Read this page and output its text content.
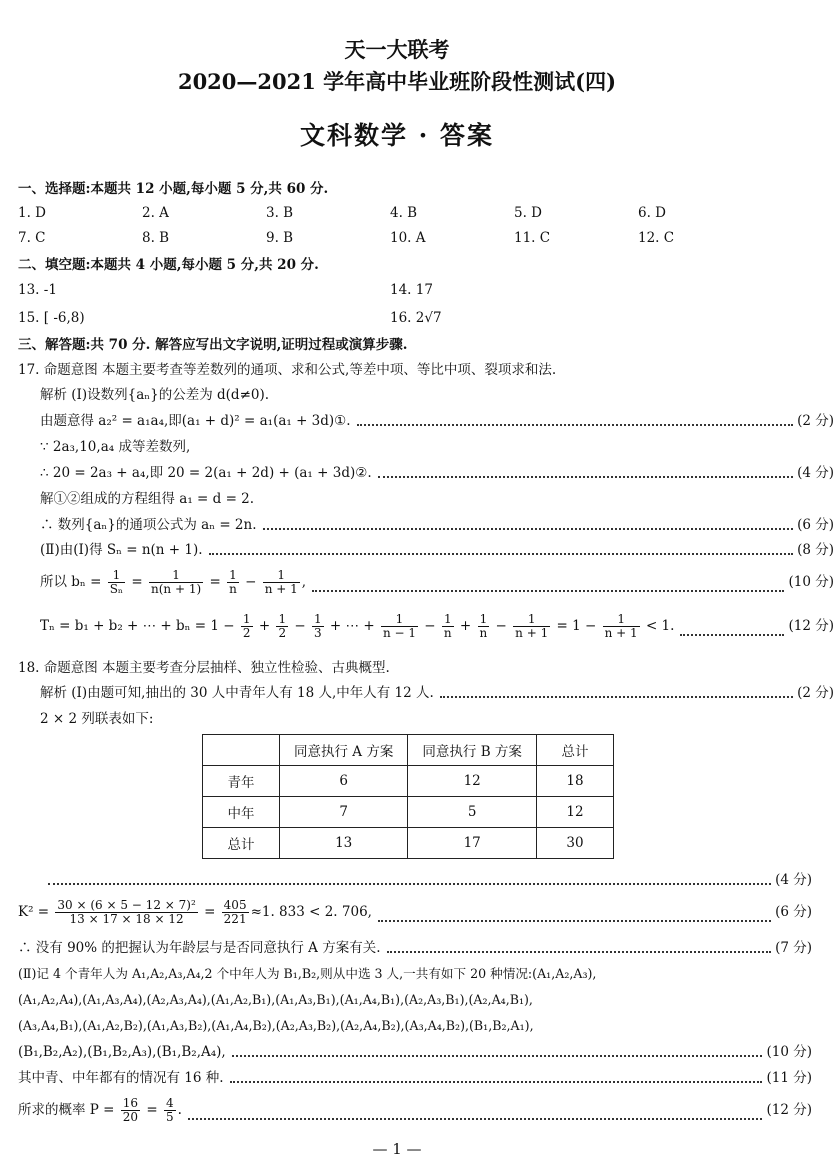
天一大联考
2020—2021 学年高中毕业班阶段性测试(四)
文科数学 · 答案
一、选择题:本题共 12 小题,每小题 5 分,共 60 分.
1. D	2. A	3. B	4. B	5. D	6. D
7. C	8. B	9. B	10. A	11. C	12. C
二、填空题:本题共 4 小题,每小题 5 分,共 20 分.
13. -1	14. 17
15. [ -6,8)	16. 2√7
三、解答题:共 70 分. 解答应写出文字说明,证明过程或演算步骤.
17. 命题意图 本题主要考查等差数列的通项、求和公式,等差中项、等比中项、裂项求和法.
解析 (Ⅰ)设数列{aₙ}的公差为 d(d≠0).
由题意得 a₂² = a₁a₄,即(a₁ + d)² = a₁(a₁ + 3d)①.	(2 分)
∵ 2a₃,10,a₄ 成等差数列,
∴ 20 = 2a₃ + a₄,即 20 = 2(a₁ + 2d) + (a₁ + 3d)②.	(4 分)
解①②组成的方程组得 a₁ = d = 2.
∴ 数列{aₙ}的通项公式为 aₙ = 2n.	(6 分)
(Ⅱ)由(Ⅰ)得 Sₙ = n(n + 1).	(8 分)
所以 $b_n = \frac{1}{\text{Sₙ}} = \frac{1}{n(n + 1)} = \frac{1}{n} - \frac{1}{n + 1}$ ,	(10 分)
Tₙ = b₁ + b₂ + ⋯ + $b_n = 1 - \frac{1}{2} + \frac{1}{2} - \frac{1}{3}$ + ⋯ + $\frac{1}{n - 1} - \frac{1}{n} + \frac{1}{n} - \frac{1}{n + 1} = 1 - \frac{1}{n + 1} < 1$.	(12 分)
18. 命题意图 本题主要考查分层抽样、独立性检验、古典概型.
解析 (Ⅰ)由题可知,抽出的 30 人中青年人有 18 人,中年人有 12 人.	(2 分)
2 × 2 列联表如下:
	同意执行 A 方案	同意执行 B 方案	总计
青年	6	12	18
中年	7	5	12
总计	13	17	30
(4 分)
$K^2 = \frac{\text{30 × (6 × 5 − 12 × 7)²}}{13 \times 17 \times 18 \times 12} = \frac{405}{221} \approx 1$. 833 < 2. 706,	(6 分)
∴ 没有 90% 的把握认为年龄层与是否同意执行 A 方案有关.	(7 分)
(Ⅱ)记 4 个青年人为 A₁,A₂,A₃,A₄,2 个中年人为 B₁,B₂,则从中选 3 人,一共有如下 20 种情况:(A₁,A₂,A₃),
(A₁,A₂,A₄),(A₁,A₃,A₄),(A₂,A₃,A₄),(A₁,A₂,B₁),(A₁,A₃,B₁),(A₁,A₄,B₁),(A₂,A₃,B₁),(A₂,A₄,B₁),
(A₃,A₄,B₁),(A₁,A₂,B₂),(A₁,A₃,B₂),(A₁,A₄,B₂),(A₂,A₃,B₂),(A₂,A₄,B₂),(A₃,A₄,B₂),(B₁,B₂,A₁),
(B₁,B₂,A₂),(B₁,B₂,A₃),(B₁,B₂,A₄),	(10 分)
其中青、中年都有的情况有 16 种.	(11 分)
所求的概率 $P = \frac{16}{20} = \frac{4}{5}$ .	(12 分)
— 1 —
